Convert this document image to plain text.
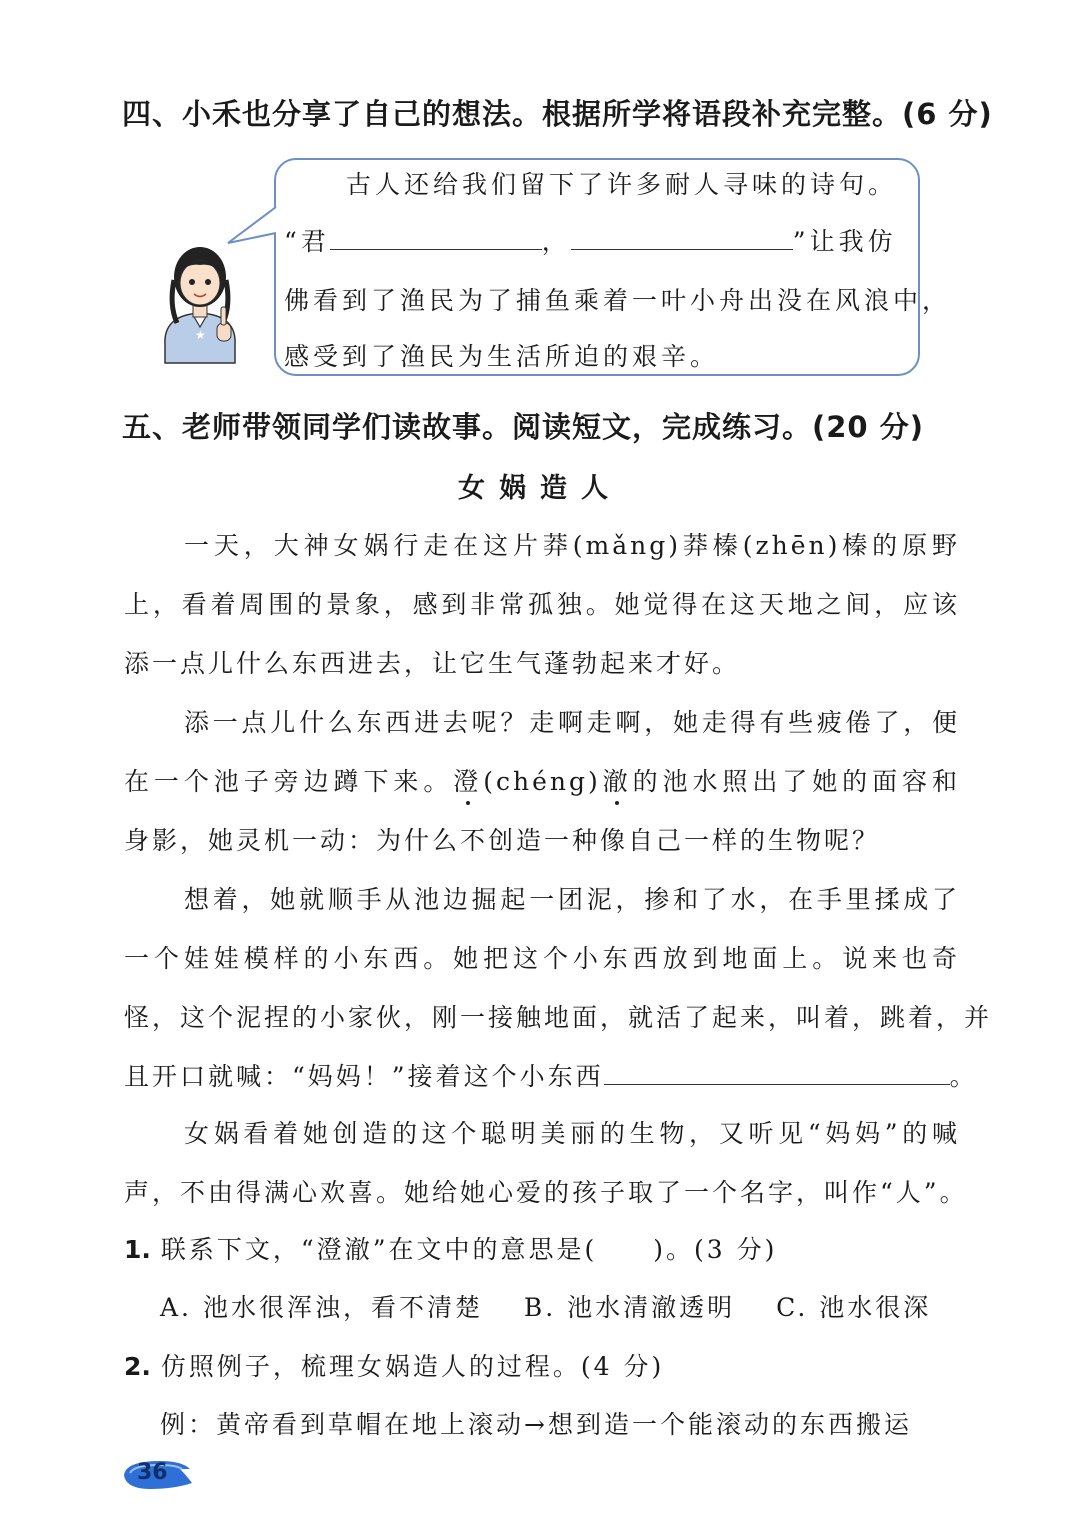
四、小禾也分享了自己的想法。根据所学将语段补充完整。(6 分)
★
古人还给我们留下了许多耐人寻味的诗句。
“君	，	”让我仿
佛看到了渔民为了捕鱼乘着一叶小舟出没在风浪中，
感受到了渔民为生活所迫的艰辛。
五、老师带领同学们读故事。阅读短文，完成练习。(20 分)
女娲造人
一天，大神女娲行走在这片莽(mǎng)莽榛(zhēn)榛的原野
上，看着周围的景象，感到非常孤独。她觉得在这天地之间，应该
添一点儿什么东西进去，让它生气蓬勃起来才好。
添一点儿什么东西进去呢？走啊走啊，她走得有些疲倦了，便
在一个池子旁边蹲下来。澄(chéng)澈的池水照出了她的面容和
身影，她灵机一动：为什么不创造一种像自己一样的生物呢？
想着，她就顺手从池边掘起一团泥，掺和了水，在手里揉成了
一个娃娃模样的小东西。她把这个小东西放到地面上。说来也奇
怪，这个泥捏的小家伙，刚一接触地面，就活了起来，叫着，跳着，并
且开口就喊：“妈妈！”接着这个小东西	。
女娲看着她创造的这个聪明美丽的生物，又听见“妈妈”的喊
声，不由得满心欢喜。她给她心爱的孩子取了一个名字，叫作“人”。
1. 联系下文，“澄澈”在文中的意思是(　　)。(3 分)
A. 池水很浑浊，看不清楚 B. 池水清澈透明 C. 池水很深
2. 仿照例子，梳理女娲造人的过程。(4 分)
例：黄帝看到草帽在地上滚动→想到造一个能滚动的东西搬运
36
